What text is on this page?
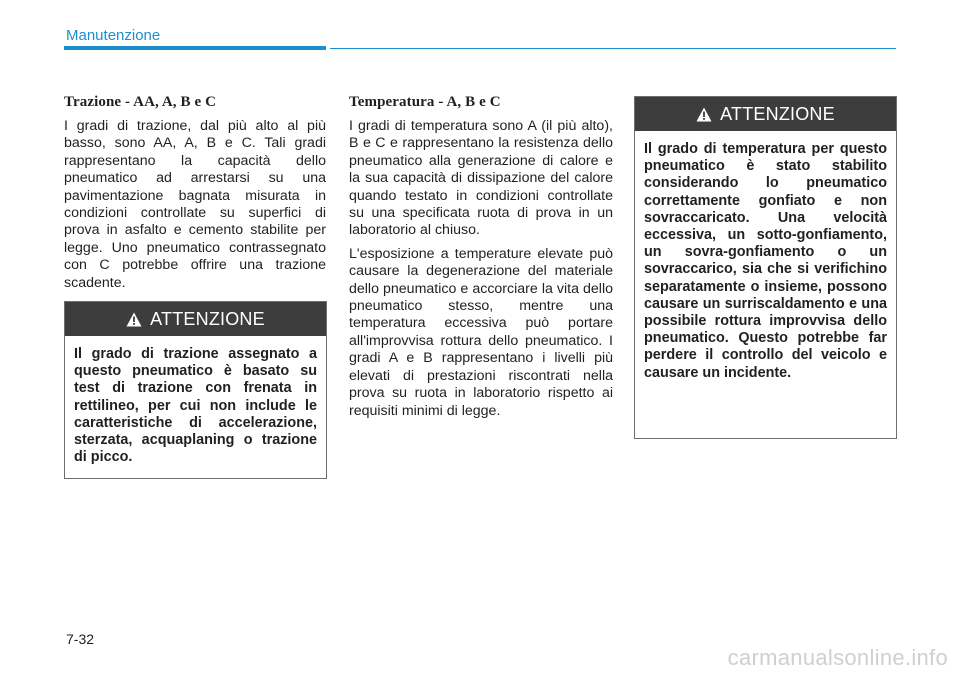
Manutenzione
Trazione - AA, A, B e C

I gradi di trazione, dal più alto al più basso, sono AA, A, B e C. Tali gradi rappresentano la capacità dello pneumatico ad arrestarsi su una pavimentazione bagnata misurata in condizioni controllate su superfici di prova in asfalto e cemento stabilite per legge. Uno pneumatico contrassegnato con C potrebbe offrire una trazione scadente.

ATTENZIONE
Il grado di trazione assegnato a questo pneumatico è basato su test di trazione con frenata in rettilineo, per cui non include le caratteristiche di accelerazione, sterzata, acquaplaning o trazione di picco.
Temperatura - A, B e C

I gradi di temperatura sono A (il più alto), B e C e rappresentano la resistenza dello pneumatico alla generazione di calore e la sua capacità di dissipazione del calore quando testato in condizioni controllate su una specificata ruota di prova in un laboratorio al chiuso.

L'esposizione a temperature elevate può causare la degenerazione del materiale dello pneumatico e accorciare la vita dello pneumatico stesso, mentre una temperatura eccessiva può portare all'improvvisa rottura dello pneumatico. I gradi A e B rappresentano i livelli più elevati di prestazioni riscontrati nella prova su ruota in laboratorio rispetto ai requisiti minimi di legge.

ATTENZIONE
Il grado di temperatura per questo pneumatico è stato stabilito considerando lo pneumatico correttamente gonfiato e non sovraccaricato. Una velocità eccessiva, un sotto-gonfiamento, un sovra-gonfiamento o un sovraccarico, sia che si verifichino separatamente o insieme, possono causare un surriscaldamento e una possibile rottura improvvisa dello pneumatico. Questo potrebbe far perdere il controllo del veicolo e causare un incidente.
7-32
carmanualsonline.info
